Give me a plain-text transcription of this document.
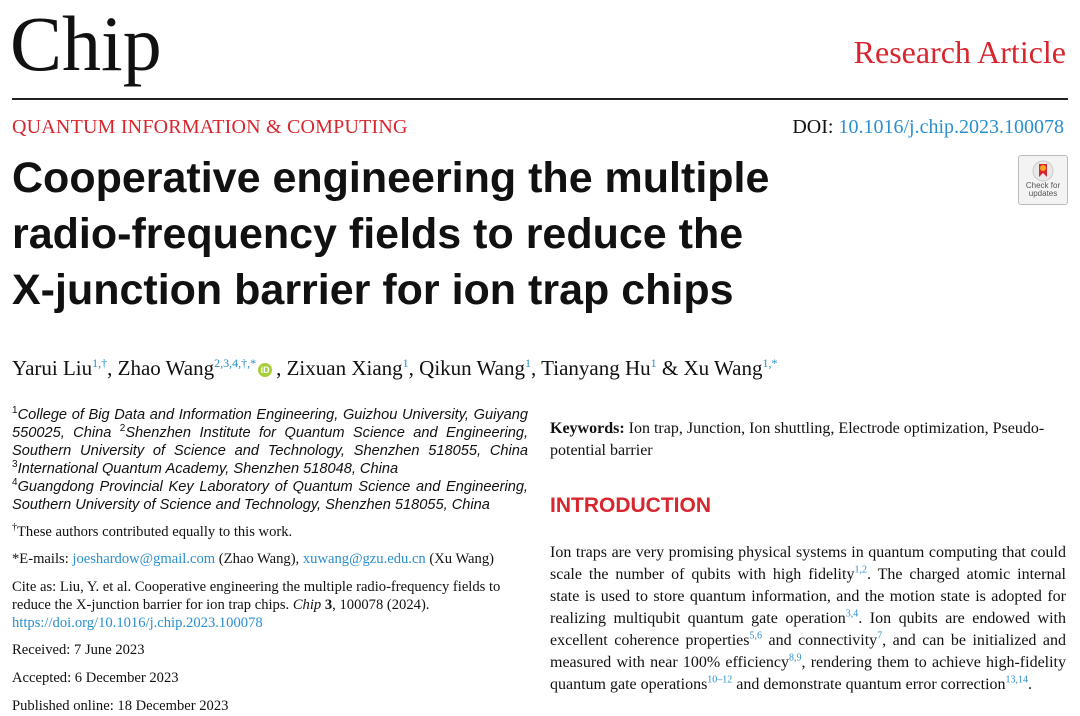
Chip	Research Article
QUANTUM INFORMATION & COMPUTING	DOI: 10.1016/j.chip.2023.100078
Check for
updates
Cooperative engineering the multiple
radio-frequency fields to reduce the
X-junction barrier for ion trap chips
Yarui Liu$^{1,\dagger}$, Zhao Wang$^{2,3,4,\dagger,*}$iD , Zixuan Xiang$^1$, Qikun Wang$^1$, Tianyang Hu$^1$ & Xu Wang$^{1,*}$
$^1$College of Big Data and Information Engineering, Guizhou University, Guiyang 550025, China $^2$Shenzhen Institute for Quantum Science and Engineering, Southern University of Science and Technology, Shenzhen 518055, China $^3$International Quantum Academy, Shenzhen 518048, China
$^4$Guangdong Provincial Key Laboratory of Quantum Science and Engineering, Southern University of Science and Technology, Shenzhen 518055, China
†These authors contributed equally to this work.
*E-mails: joeshardow@gmail.com (Zhao Wang), xuwang@gzu.edu.cn (Xu Wang)
Cite as: Liu, Y. et al. Cooperative engineering the multiple radio-frequency fields to reduce the X-junction barrier for ion trap chips. Chip 3, 100078 (2024).
https://doi.org/10.1016/j.chip.2023.100078
Received: 7 June 2023
Accepted: 6 December 2023
Published online: 18 December 2023
Keywords: Ion trap, Junction, Ion shuttling, Electrode optimization, Pseudo-potential barrier
INTRODUCTION
Ion traps are very promising physical systems in quantum computing that could scale the number of qubits with high fidelity$^{1,2}$. The charged atomic internal state is used to store quantum information, and the motion state is adopted for realizing multiqubit quantum gate operation$^{3,4}$. Ion qubits are endowed with excellent coherence properties$^{5,6}$ and connectivity$^7$, and can be initialized and measured with near 100% efficiency$^{8,9}$, rendering them to achieve high-fidelity quantum gate operations$^{10-12}$ and demonstrate quantum error correction$^{13,14}$.
